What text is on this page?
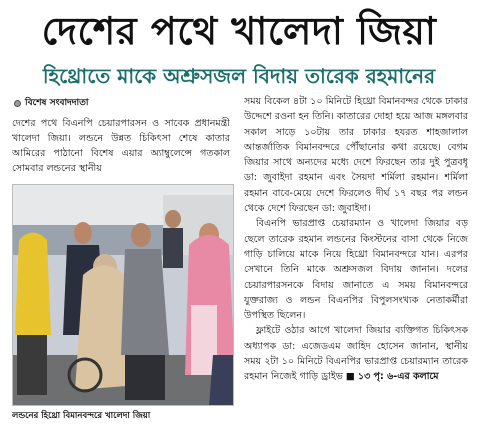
দেশের পথে খালেদা জিয়া
হিথ্রোতে মাকে অশ্রুসজল বিদায় তারেক রহমানের
বিশেষ সংবাদদাতা
দেশের পথে বিএনপি চেয়ারপারসন ও সাবেক প্রধানমন্ত্রী খালেদা জিয়া। লন্ডনে উন্নত চিকিৎসা শেষে কাতার আমিরের পাঠানো বিশেষ এয়ার অ্যাম্বুলেন্সে গতকাল সোমবার লন্ডনের স্থানীয়
লন্ডনের হিথ্রো বিমানবন্দরে খালেদা জিয়া

সময় বিকেল ৪টা ১০ মিনিটে হিথ্রো বিমানবন্দর থেকে ঢাকার উদ্দেশে রওনা হন তিনি। কাতারের দোহা হয়ে আজ মঙ্গলবার সকাল সাড়ে ১০টায় তার ঢাকার হযরত শাহজালাল আন্তর্জাতিক বিমানবন্দরে পৌঁছানোর কথা রয়েছে। বেগম জিয়ার সাথে অন্যদের মধ্যে দেশে ফিরছেন তার দুই পুত্রবধূ ডা: জুবাইদা রহমান এবং সৈয়দা শর্মিলা রহমান। শর্মিলা রহমান বাবে-মেয়ে দেশে ফিরলেও দীর্ঘ ১৭ বছর পর লন্ডন থেকে দেশে ফিরছেন ডা: জুবাইদা।

বিএনপি ভারপ্রাপ্ত চেয়ারম্যান ও খালেদা জিয়ার বড় ছেলে তারেক রহমান লন্ডনের কিংস্টনের বাসা থেকে নিজে গাড়ি চালিয়ে মাকে নিয়ে হিথ্রো বিমানবন্দরে যান। এরপর সেখানে তিনি মাকে অশ্রুসজল বিদায় জানান। দলের চেয়ারপারসনকে বিদায় জানাতে এ সময় বিমানবন্দরে যুক্তরাজ্য ও লন্ডন বিএনপির বিপুলসংখ্যক নেতাকর্মীরা উপস্থিত ছিলেন।

ফ্লাইটে ওঠার আগে খালেদা জিয়ার ব্যক্তিগত চিকিৎসক অধ্যাপক ডা: এজেডএম জাহিদ হোসেন জানান, স্থানীয় সময় ২টা ১০ মিনিটে বিএনপির ভারপ্রাপ্ত চেয়ারম্যান তারেক রহমান নিজেই গাড়ি ড্রাইভ ■ ১৩ পৃ: ৬-এর কলামে
